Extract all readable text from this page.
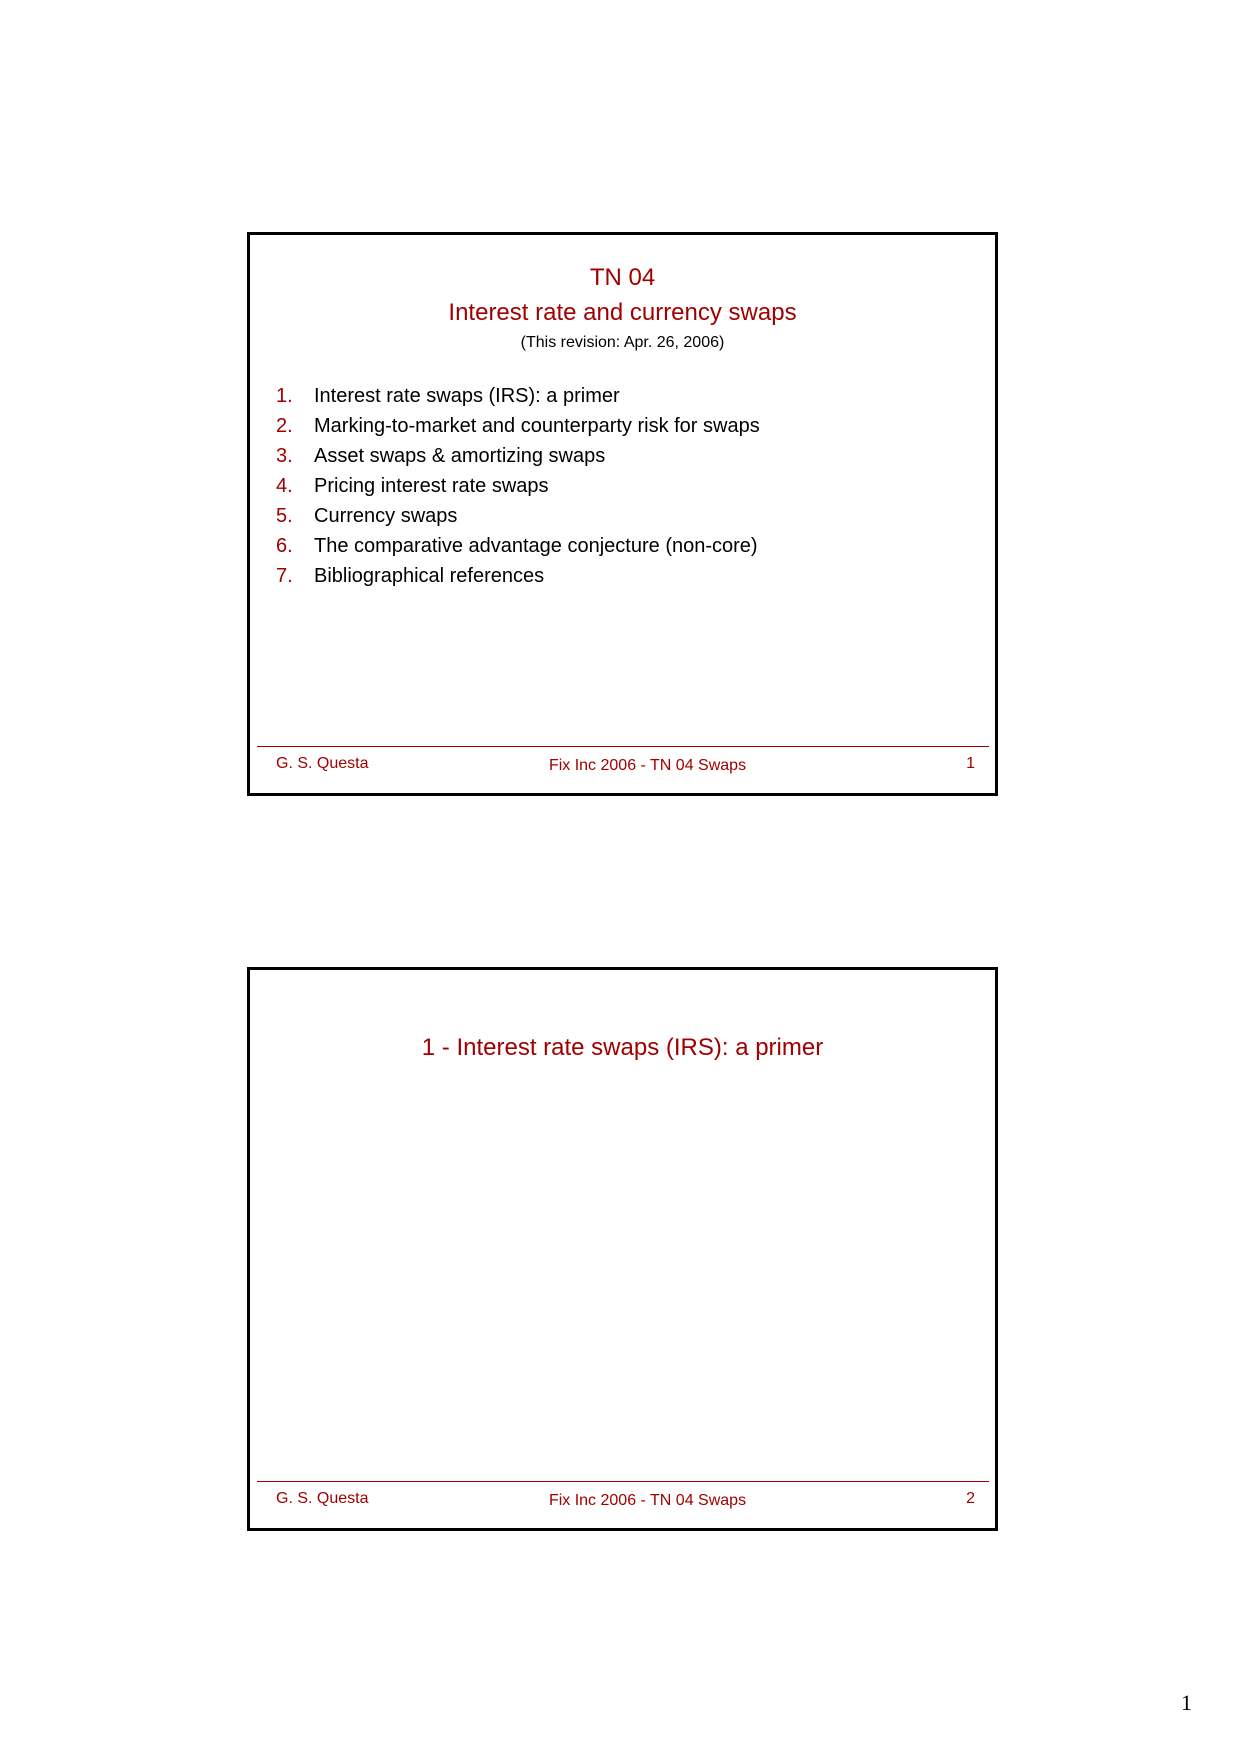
TN 04
Interest rate and currency swaps
(This revision: Apr. 26, 2006)
1. Interest rate swaps (IRS): a primer
2. Marking-to-market and counterparty risk for swaps
3. Asset swaps & amortizing swaps
4. Pricing interest rate swaps
5. Currency swaps
6. The comparative advantage conjecture (non-core)
7. Bibliographical references
G. S. Questa	Fix Inc 2006 - TN 04 Swaps	1
1 - Interest rate swaps (IRS): a primer
G. S. Questa	Fix Inc 2006 - TN 04 Swaps	2
1
